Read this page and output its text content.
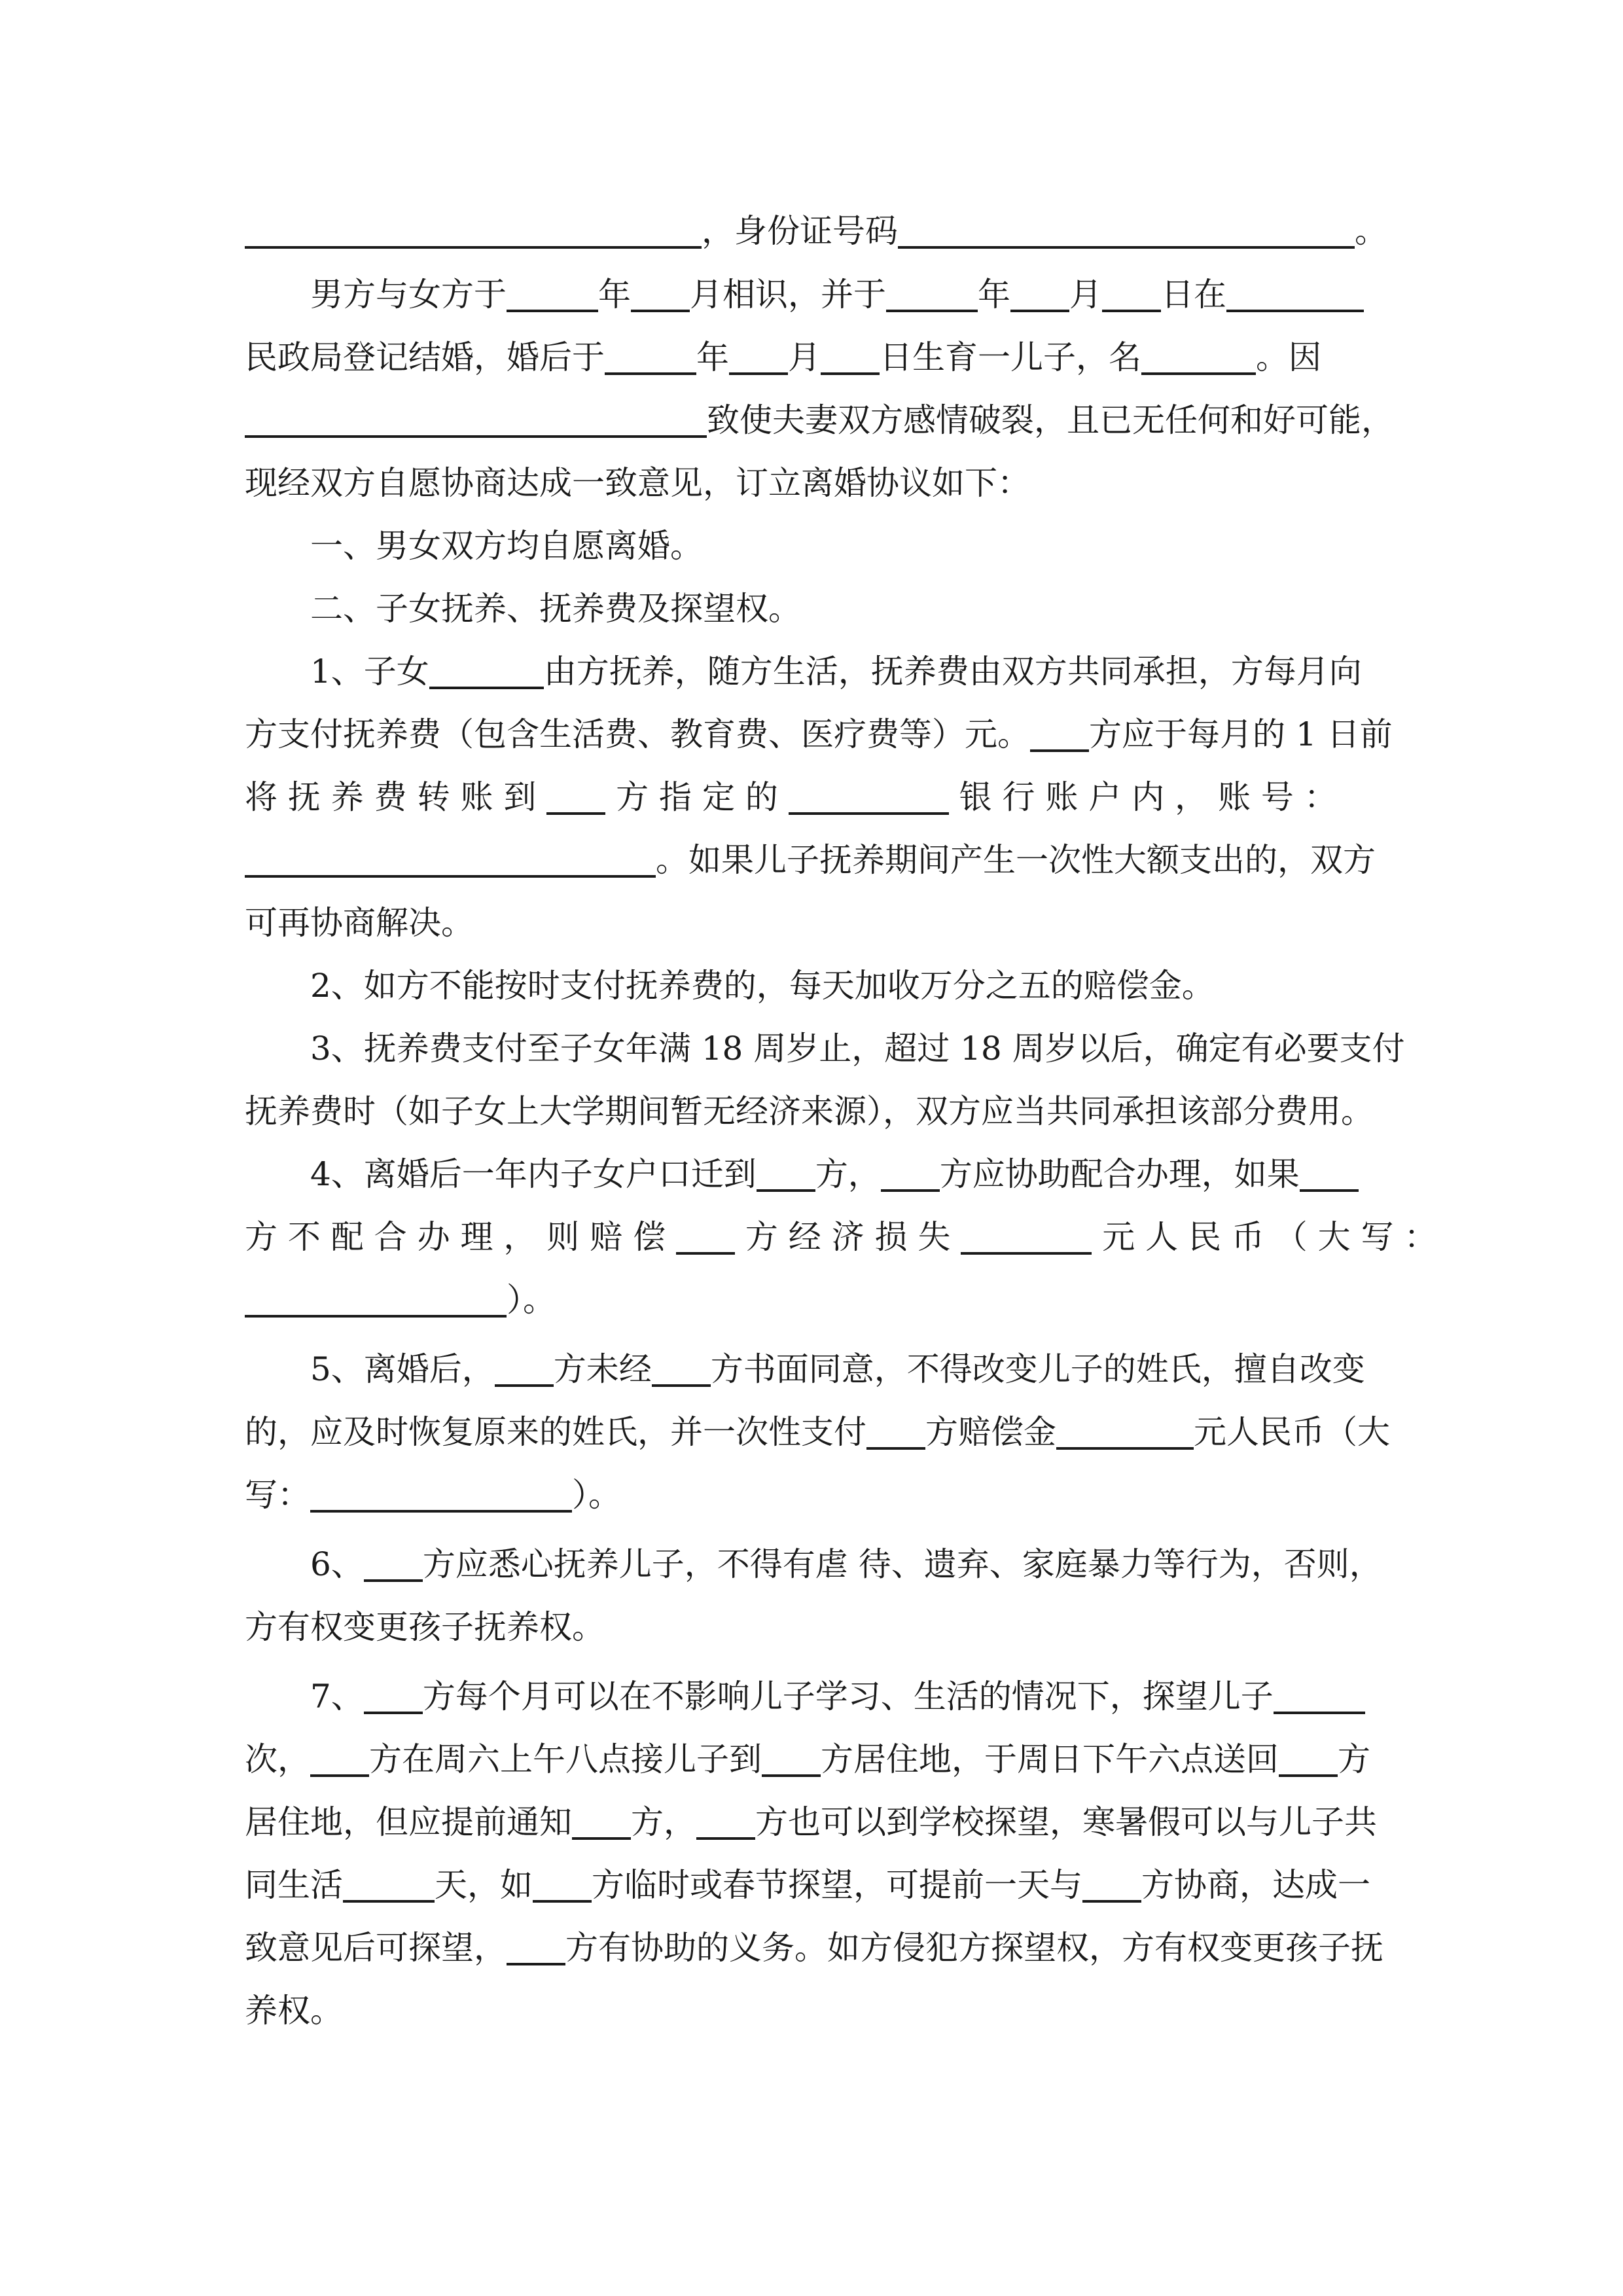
，身份证号码	。
男方与女方于	年 月相识，并于	年 月 日在
民政局登记结婚，婚后于	年 月 日生育一儿子，名	。因
致使夫妻双方感情破裂，且已无任何和好可能，
现经双方自愿协商达成一致意见，订立离婚协议如下：
一、男女双方均自愿离婚。
二、子女抚养、抚养费及探望权。
1、子女	由方抚养，随方生活，抚养费由双方共同承担，方每月向
方支付抚养费（包含生活费、教育费、医疗费等）元。 方应于每月的 1 日前
将 抚 养 费 转 账 到  方 指 定 的	银 行 账 户 内 ， 账 号 ：
。如果儿子抚养期间产生一次性大额支出的，双方
可再协商解决。
2、如方不能按时支付抚养费的，每天加收万分之五的赔偿金。
3、抚养费支付至子女年满 18 周岁止，超过 18 周岁以后，确定有必要支付
抚养费时（如子女上大学期间暂无经济来源），双方应当共同承担该部分费用。
4、离婚后一年内子女户口迁到 方， 方应协助配合办理，如果
方 不 配 合 办 理 ， 则 赔 偿  方 经 济 损 失	元 人 民 币 （ 大 写 ：
）。
5、离婚后， 方未经 方书面同意，不得改变儿子的姓氏，擅自改变
的，应及时恢复原来的姓氏，并一次性支付 方赔偿金	元人民币（大
写：	）。
6、 方应悉心抚养儿子，不得有虐 待、遗弃、家庭暴力等行为，否则，
方有权变更孩子抚养权。
7、 方每个月可以在不影响儿子学习、生活的情况下，探望儿子
次， 方在周六上午八点接儿子到 方居住地，于周日下午六点送回 方
居住地，但应提前通知 方， 方也可以到学校探望，寒暑假可以与儿子共
同生活	天，如 方临时或春节探望，可提前一天与 方协商，达成一
致意见后可探望， 方有协助的义务。如方侵犯方探望权，方有权变更孩子抚
养权。
